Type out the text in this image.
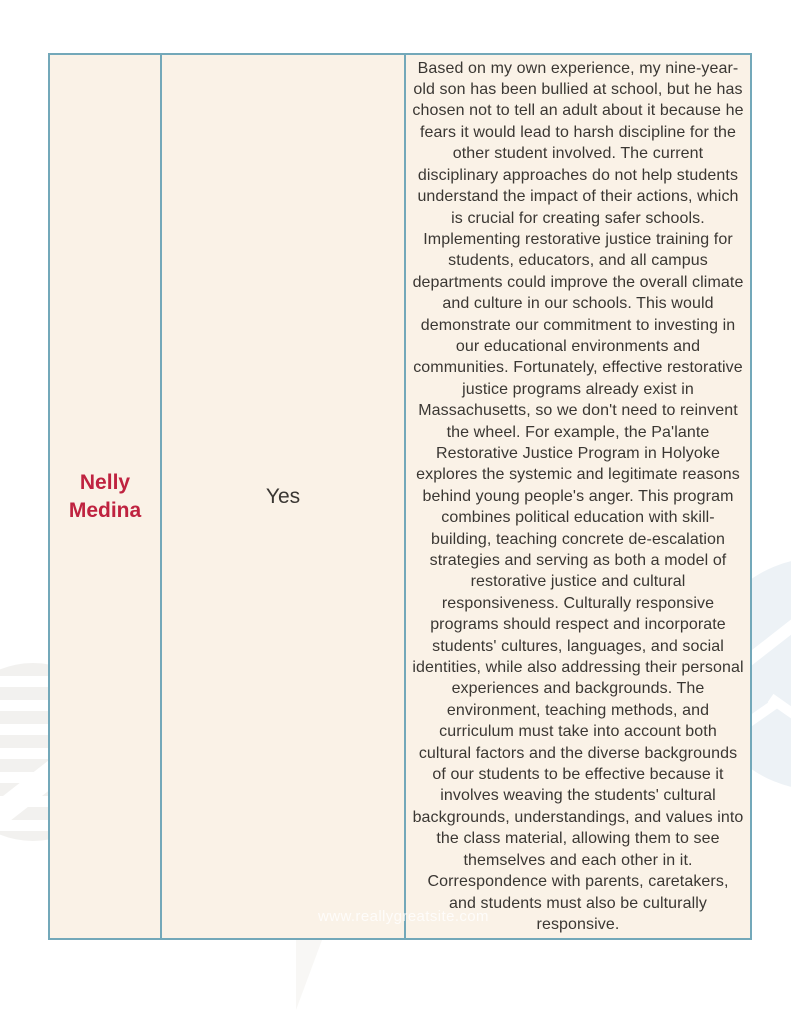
Nelly Medina
Yes
Based on my own experience, my nine-year-old son has been bullied at school, but he has chosen not to tell an adult about it because he fears it would lead to harsh discipline for the other student involved. The current disciplinary approaches do not help students understand the impact of their actions, which is crucial for creating safer schools. Implementing restorative justice training for students, educators, and all campus departments could improve the overall climate and culture in our schools. This would demonstrate our commitment to investing in our educational environments and communities. Fortunately, effective restorative justice programs already exist in Massachusetts, so we don't need to reinvent the wheel. For example, the Pa'lante Restorative Justice Program in Holyoke explores the systemic and legitimate reasons behind young people's anger. This program combines political education with skill-building, teaching concrete de-escalation strategies and serving as both a model of restorative justice and cultural responsiveness. Culturally responsive programs should respect and incorporate students' cultures, languages, and social identities, while also addressing their personal experiences and backgrounds. The environment, teaching methods, and curriculum must take into account both cultural factors and the diverse backgrounds of our students to be effective because it involves weaving the students' cultural backgrounds, understandings, and values into the class material, allowing them to see themselves and each other in it. Correspondence with parents, caretakers, and students must also be culturally responsive.
www.reallygreatsite.com
